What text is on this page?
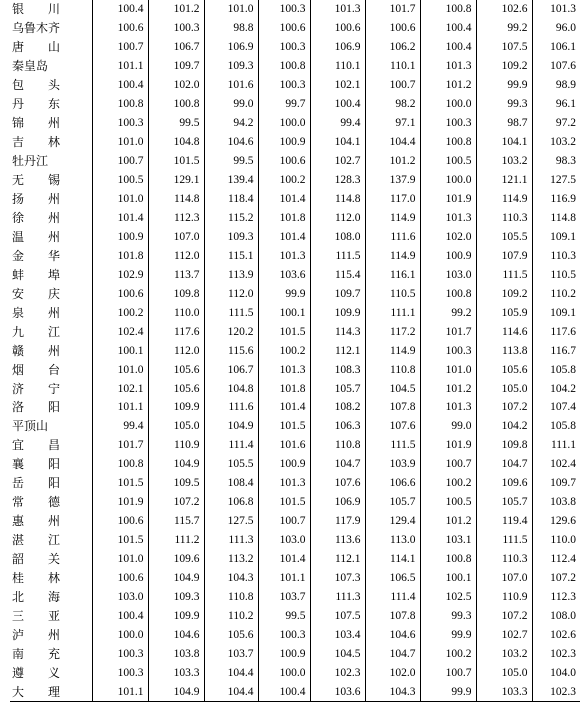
银　　川	100.4	101.2	101.0	100.3	101.3	101.7	100.8	102.6	101.3
乌鲁木齐	100.6	100.3	98.8	100.6	100.6	100.6	100.4	99.2	96.0
唐　　山	100.7	106.7	106.9	100.3	106.9	106.2	100.4	107.5	106.1
秦皇岛	101.1	109.7	109.3	100.8	110.1	110.1	101.3	109.2	107.6
包　　头	100.4	102.0	101.6	100.3	102.1	100.7	101.2	99.9	98.9
丹　　东	100.8	100.8	99.0	99.7	100.4	98.2	100.0	99.3	96.1
锦　　州	100.3	99.5	94.2	100.0	99.4	97.1	100.3	98.7	97.2
吉　　林	101.0	104.8	104.6	100.9	104.1	104.4	100.8	104.1	103.2
牡丹江	100.7	101.5	99.5	100.6	102.7	101.2	100.5	103.2	98.3
无　　锡	100.5	129.1	139.4	100.2	128.3	137.9	100.0	121.1	127.5
扬　　州	101.0	114.8	118.4	101.4	114.8	117.0	101.9	114.9	116.9
徐　　州	101.4	112.3	115.2	101.8	112.0	114.9	101.3	110.3	114.8
温　　州	100.9	107.0	109.3	101.4	108.0	111.6	102.0	105.5	109.1
金　　华	101.8	112.0	115.1	101.3	111.5	114.9	100.9	107.9	110.3
蚌　　埠	102.9	113.7	113.9	103.6	115.4	116.1	103.0	111.5	110.5
安　　庆	100.6	109.8	112.0	99.9	109.7	110.5	100.8	109.2	110.2
泉　　州	100.2	110.0	111.5	100.1	109.9	111.1	99.2	105.9	109.1
九　　江	102.4	117.6	120.2	101.5	114.3	117.2	101.7	114.6	117.6
赣　　州	100.1	112.0	115.6	100.2	112.1	114.9	100.3	113.8	116.7
烟　　台	101.0	105.6	106.7	101.3	108.3	110.8	101.0	105.6	105.8
济　　宁	102.1	105.6	104.8	101.8	105.7	104.5	101.2	105.0	104.2
洛　　阳	101.1	109.9	111.6	101.4	108.2	107.8	101.3	107.2	107.4
平顶山	99.4	105.0	104.9	101.5	106.3	107.6	99.0	104.2	105.8
宜　　昌	101.7	110.9	111.4	101.6	110.8	111.5	101.9	109.8	111.1
襄　　阳	100.8	104.9	105.5	100.9	104.7	103.9	100.7	104.7	102.4
岳　　阳	101.5	109.5	108.4	101.3	107.6	106.6	100.2	109.6	109.7
常　　德	101.9	107.2	106.8	101.5	106.9	105.7	100.5	105.7	103.8
惠　　州	100.6	115.7	127.5	100.7	117.9	129.4	101.2	119.4	129.6
湛　　江	101.5	111.2	111.3	103.0	113.6	113.0	103.1	111.5	110.0
韶　　关	101.0	109.6	113.2	101.4	112.1	114.1	100.8	110.3	112.4
桂　　林	100.6	104.9	104.3	101.1	107.3	106.5	100.1	107.0	107.2
北　　海	103.0	109.3	110.8	103.7	111.3	111.4	102.5	110.9	112.3
三　　亚	100.4	109.9	110.2	99.5	107.5	107.8	99.3	107.2	108.0
泸　　州	100.0	104.6	105.6	100.3	103.4	104.6	99.9	102.7	102.6
南　　充	100.3	103.8	103.7	100.9	104.5	104.7	100.2	103.2	102.3
遵　　义	100.3	103.3	104.4	100.0	102.3	102.0	100.7	105.0	104.0
大　　理	101.1	104.9	104.4	100.4	103.6	104.3	99.9	103.3	102.3
